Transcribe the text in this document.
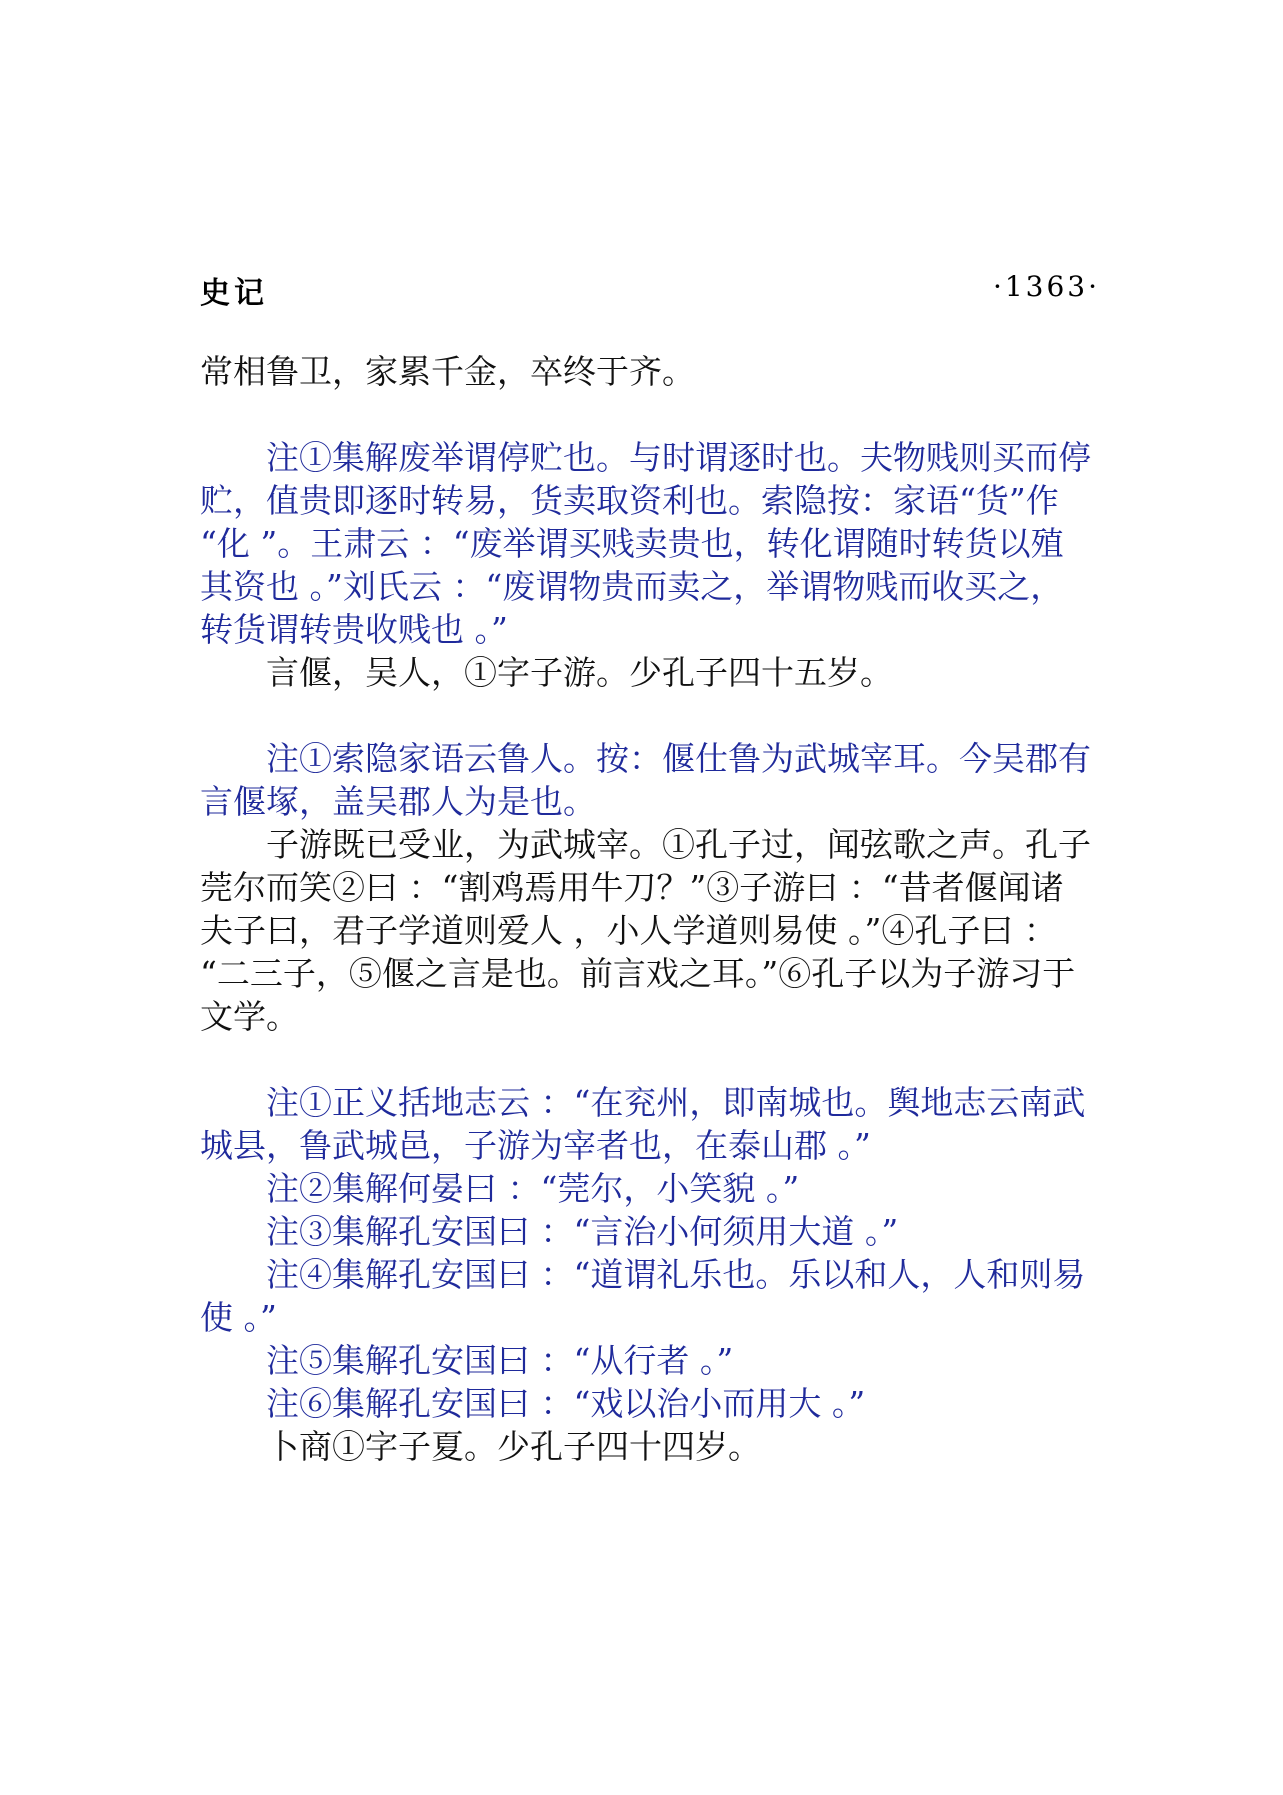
史记	·1363·
常相鲁卫，家累千金，卒终于齐。
注①集解废举谓停贮也。与时谓逐时也。夫物贱则买而停
贮，值贵即逐时转易，货卖取资利也。索隐按：家语“货”作
“化 ”。王肃云 ：“废举谓买贱卖贵也，转化谓随时转货以殖
其资也 。”刘氏云 ：“废谓物贵而卖之，举谓物贱而收买之，
转货谓转贵收贱也 。”
言偃，吴人，①字子游。少孔子四十五岁。
注①索隐家语云鲁人。按：偃仕鲁为武城宰耳。今吴郡有
言偃塚，盖吴郡人为是也。
子游既已受业，为武城宰。①孔子过，闻弦歌之声。孔子
莞尔而笑②曰 ：“割鸡焉用牛刀？”③子游曰 ：“昔者偃闻诸
夫子曰，君子学道则爱人 ，小人学道则易使 。”④孔子曰 ：
“二三子，⑤偃之言是也。前言戏之耳。”⑥孔子以为子游习于
文学。
注①正义括地志云 ：“在兖州，即南城也。舆地志云南武
城县，鲁武城邑，子游为宰者也，在泰山郡 。”
注②集解何晏曰 ：“莞尔，小笑貌 。”
注③集解孔安国曰 ：“言治小何须用大道 。”
注④集解孔安国曰 ：“道谓礼乐也。乐以和人，人和则易
使 。”
注⑤集解孔安国曰 ：“从行者 。”
注⑥集解孔安国曰 ：“戏以治小而用大 。”
卜商①字子夏。少孔子四十四岁。
